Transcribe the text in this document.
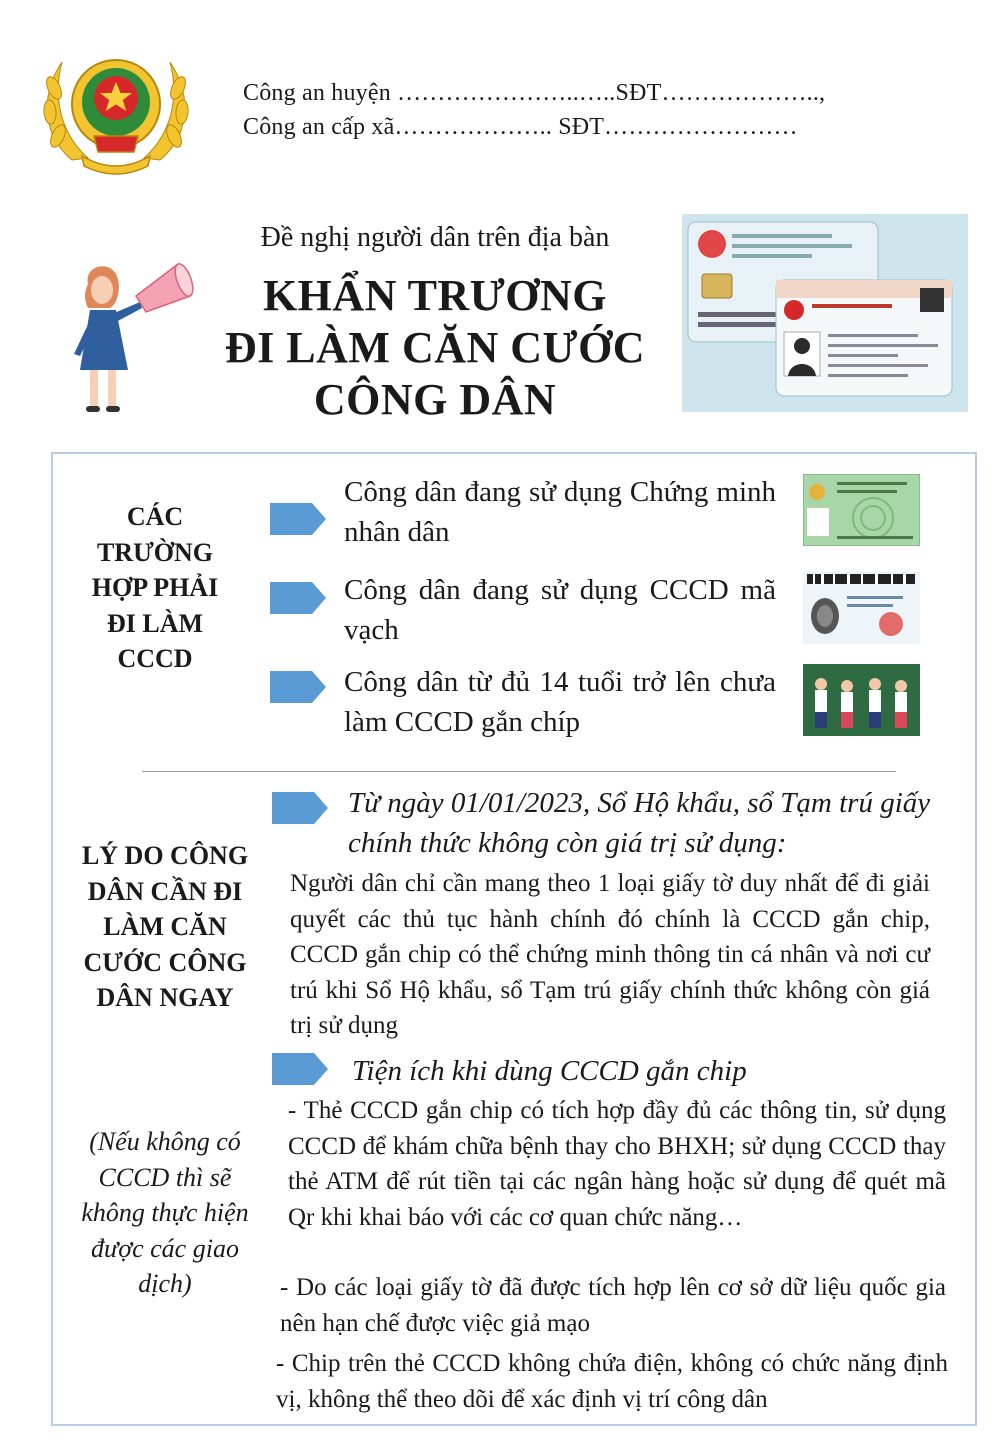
Công an huyện …………………..…..SĐT………………..,
Công an cấp xã……………….. SĐT……………………
Đề nghị người dân trên địa bàn
KHẨN TRƯƠNG
ĐI LÀM CĂN CƯỚC
CÔNG DÂN
CÁC TRƯỜNG HỢP PHẢI ĐI LÀM CCCD
LÝ DO CÔNG DÂN CẦN ĐI LÀM CĂN CƯỚC CÔNG DÂN NGAY
(Nếu không có CCCD thì sẽ không thực hiện được các giao dịch)
Công dân đang sử dụng Chứng minh nhân dân
Công dân đang sử dụng CCCD mã vạch
Công dân từ đủ 14 tuổi trở lên chưa làm CCCD gắn chíp
Từ ngày 01/01/2023, Sổ Hộ khẩu, sổ Tạm trú giấy chính thức không còn giá trị sử dụng:
Người dân chỉ cần mang theo 1 loại giấy tờ duy nhất để đi giải quyết các thủ tục hành chính đó chính là CCCD gắn chip, CCCD gắn chip có thể chứng minh thông tin cá nhân và nơi cư trú khi Sổ Hộ khẩu, sổ Tạm trú giấy chính thức không còn giá trị sử dụng
Tiện ích khi dùng CCCD gắn chip
- Thẻ CCCD gắn chip có tích hợp đầy đủ các thông tin, sử dụng CCCD để khám chữa bệnh thay cho BHXH; sử dụng CCCD thay thẻ ATM để rút tiền tại các ngân hàng hoặc sử dụng để quét mã Qr khi khai báo với các cơ quan chức năng…
- Do các loại giấy tờ đã được tích hợp lên cơ sở dữ liệu quốc gia nên hạn chế được việc giả mạo
- Chip trên thẻ CCCD không chứa điện, không có chức năng định vị, không thể theo dõi để xác định vị trí công dân
